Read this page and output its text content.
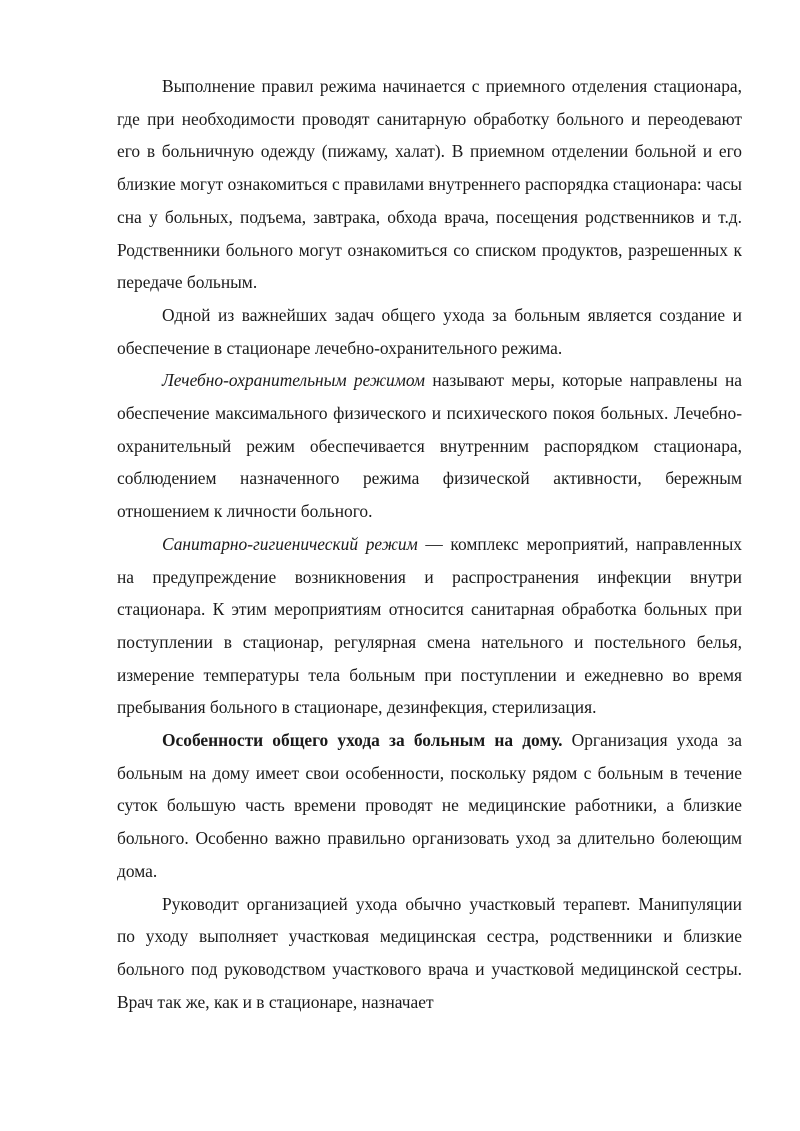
Выполнение правил режима начинается с приемного отделения стационара, где при необходимости проводят санитарную обработку больного и переодевают его в больничную одежду (пижаму, халат). В приемном отделении больной и его близкие могут ознакомиться с правилами внутреннего распорядка стационара: часы сна у больных, подъема, завтрака, обхода врача, посещения родственников и т.д. Родственники больного могут ознакомиться со списком продуктов, разрешенных к передаче больным.

Одной из важнейших задач общего ухода за больным является создание и обеспечение в стационаре лечебно-охранительного режима.

Лечебно-охранительным режимом называют меры, которые направлены на обеспечение максимального физического и психического покоя больных. Лечебно-охранительный режим обеспечивается внутренним распорядком стационара, соблюдением назначенного режима физической активности, бережным отношением к личности больного.

Санитарно-гигиенический режим — комплекс мероприятий, направленных на предупреждение возникновения и распространения инфекции внутри стационара. К этим мероприятиям относится санитарная обработка больных при поступлении в стационар, регулярная смена нательного и постельного белья, измерение температуры тела больным при поступлении и ежедневно во время пребывания больного в стационаре, дезинфекция, стерилизация.

Особенности общего ухода за больным на дому. Организация ухода за больным на дому имеет свои особенности, поскольку рядом с больным в течение суток большую часть времени проводят не медицинские работники, а близкие больного. Особенно важно правильно организовать уход за длительно болеющим дома.

Руководит организацией ухода обычно участковый терапевт. Манипуляции по уходу выполняет участковая медицинская сестра, родственники и близкие больного под руководством участкового врача и участковой медицинской сестры. Врач так же, как и в стационаре, назначает
